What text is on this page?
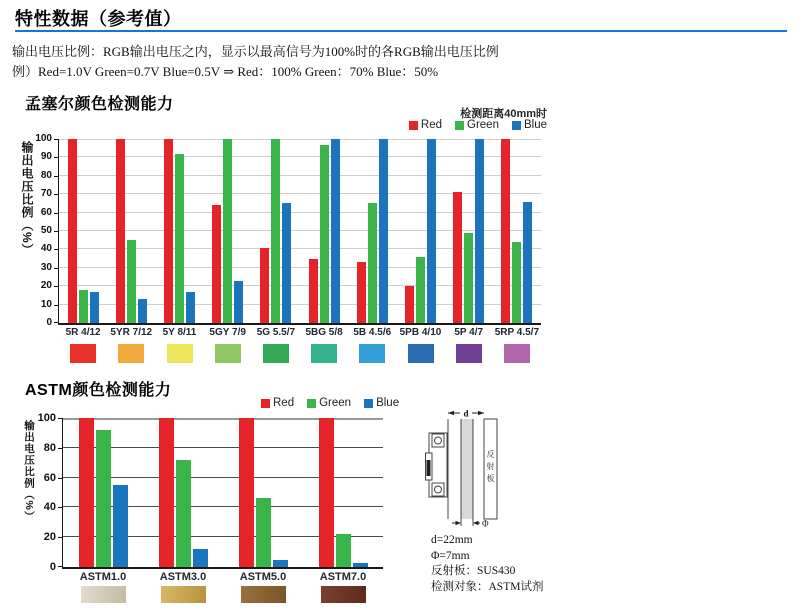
特性数据（参考值）
输出电压比例：RGB输出电压之内，显示以最高信号为100%时的各RGB输出电压比例
例）Red=1.0V Green=0.7V Blue=0.5V ⇒ Red：100% Green：70% Blue：50%
孟塞尔颜色检测能力
检测距离40mm时
Red Green Blue
输出电压比例（%）
0
10
20
30
40
50
60
70
80
90
100
5R 4/12 5YR 7/12	5Y 8/11	5GY 7/9	5G 5.5/7	5BG 5/8	5B 4.5/6 5PB 4/10	5P 4/7	5RP 4.5/7
ASTM颜色检测能力
Red Green Blue
输出电压比例（%）
0
20
40
60
80
100
ASTM1.0	ASTM3.0	ASTM5.0	ASTM7.0
反
射
板
d
Φ
d=22mm
Φ=7mm
反射板：SUS430
检测对象：ASTM试剂
